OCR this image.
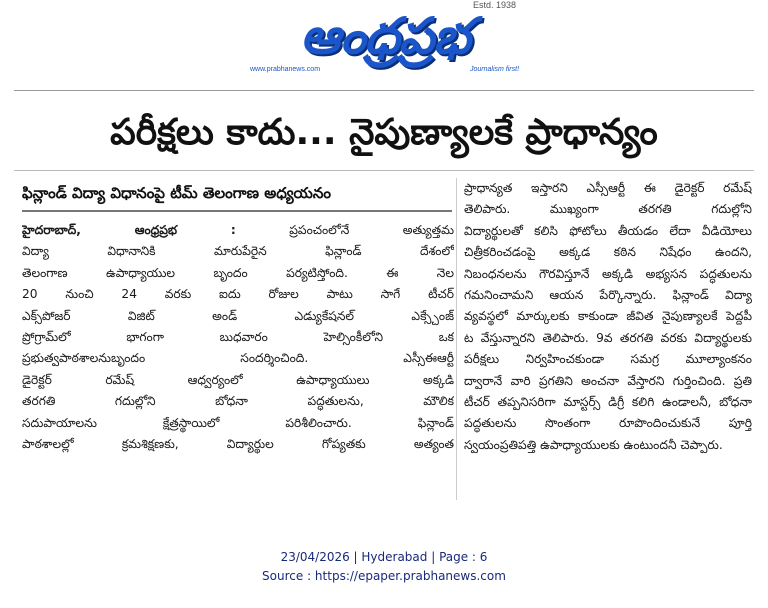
ఆంధ్రప్రభ
Estd. 1938
www.prabhanews.com	Journalism first!
పరీక్షలు కాదు... నైపుణ్యాలకే ప్రాధాన్యం
ఫిన్లాండ్ విద్యా విధానంపై టీమ్ తెలంగాణ అధ్యయనం
హైదరాబాద్, ఆంధ్రప్రభ :	ప్రపంచంలోనే అత్యుత్తమ
విద్యా విధానానికి మారుపేరైన ఫిన్లాండ్ దేశంలో
తెలంగాణ ఉపాధ్యాయుల బృందం పర్యటిస్తోంది. ఈ నెల
20 నుంచి 24 వరకు ఐదు రోజుల పాటు సాగే టీచర్
ఎక్స్‌పోజర్ విజిట్ అండ్ ఎడ్యుకేషనల్ ఎక్స్చేంజ్
ప్రోగ్రామ్‌లో భాగంగా బుధవారం హెల్సింకీలోని ఒక
ప్రభుత్వపాఠశాలనుబృందం సందర్శించింది. ఎస్సీఈఆర్టీ
డైరెక్టర్ రమేష్ ఆధ్వర్యంలో ఉపాధ్యాయులు అక్కడి
తరగతి గదుల్లోని బోధనా పద్ధతులను, మౌలిక
సదుపాయాలను క్షేత్రస్థాయిలో పరిశీలించారు. ఫిన్లాండ్
పాఠశాలల్లో క్రమశిక్షణకు, విద్యార్థుల గోప్యతకు అత్యంత
ప్రాధాన్యత ఇస్తారని ఎస్సీఆర్టీ ఈ డైరెక్టర్ రమేష్
తెలిపారు. ముఖ్యంగా తరగతి గదుల్లోని
విద్యార్థులతో కలిసి ఫోటోలు తీయడం లేదా వీడియోలు
చిత్రీకరించడంపై అక్కడ కఠిన నిషేధం ఉందని,
నిబంధనలను గౌరవిస్తూనే అక్కడి అభ్యసన పద్ధతులను
గమనించామని ఆయన పేర్కొన్నారు. ఫిన్లాండ్ విద్యా
వ్యవస్థలో మార్కులకు కాకుండా జీవిత నైపుణ్యాలకే పెద్దపీ
ట వేస్తున్నారని తెలిపారు. 9వ తరగతి వరకు విద్యార్థులకు
పరీక్షలు నిర్వహించకుండా సమగ్ర మూల్యాంకనం
ద్వారానే వారి ప్రగతిని అంచనా వేస్తారని గుర్తించింది. ప్రతి
టీచర్ తప్పనిసరిగా మాస్టర్స్ డిగ్రీ కలిగి ఉండాలనీ, బోధనా
పద్ధతులను సొంతంగా రూపొందించుకునే పూర్తి
స్వయంప్రతిపత్తి ఉపాధ్యాయులకు ఉంటుందనీ చెప్పారు.
23/04/2026 | Hyderabad | Page : 6
Source : https://epaper.prabhanews.com
